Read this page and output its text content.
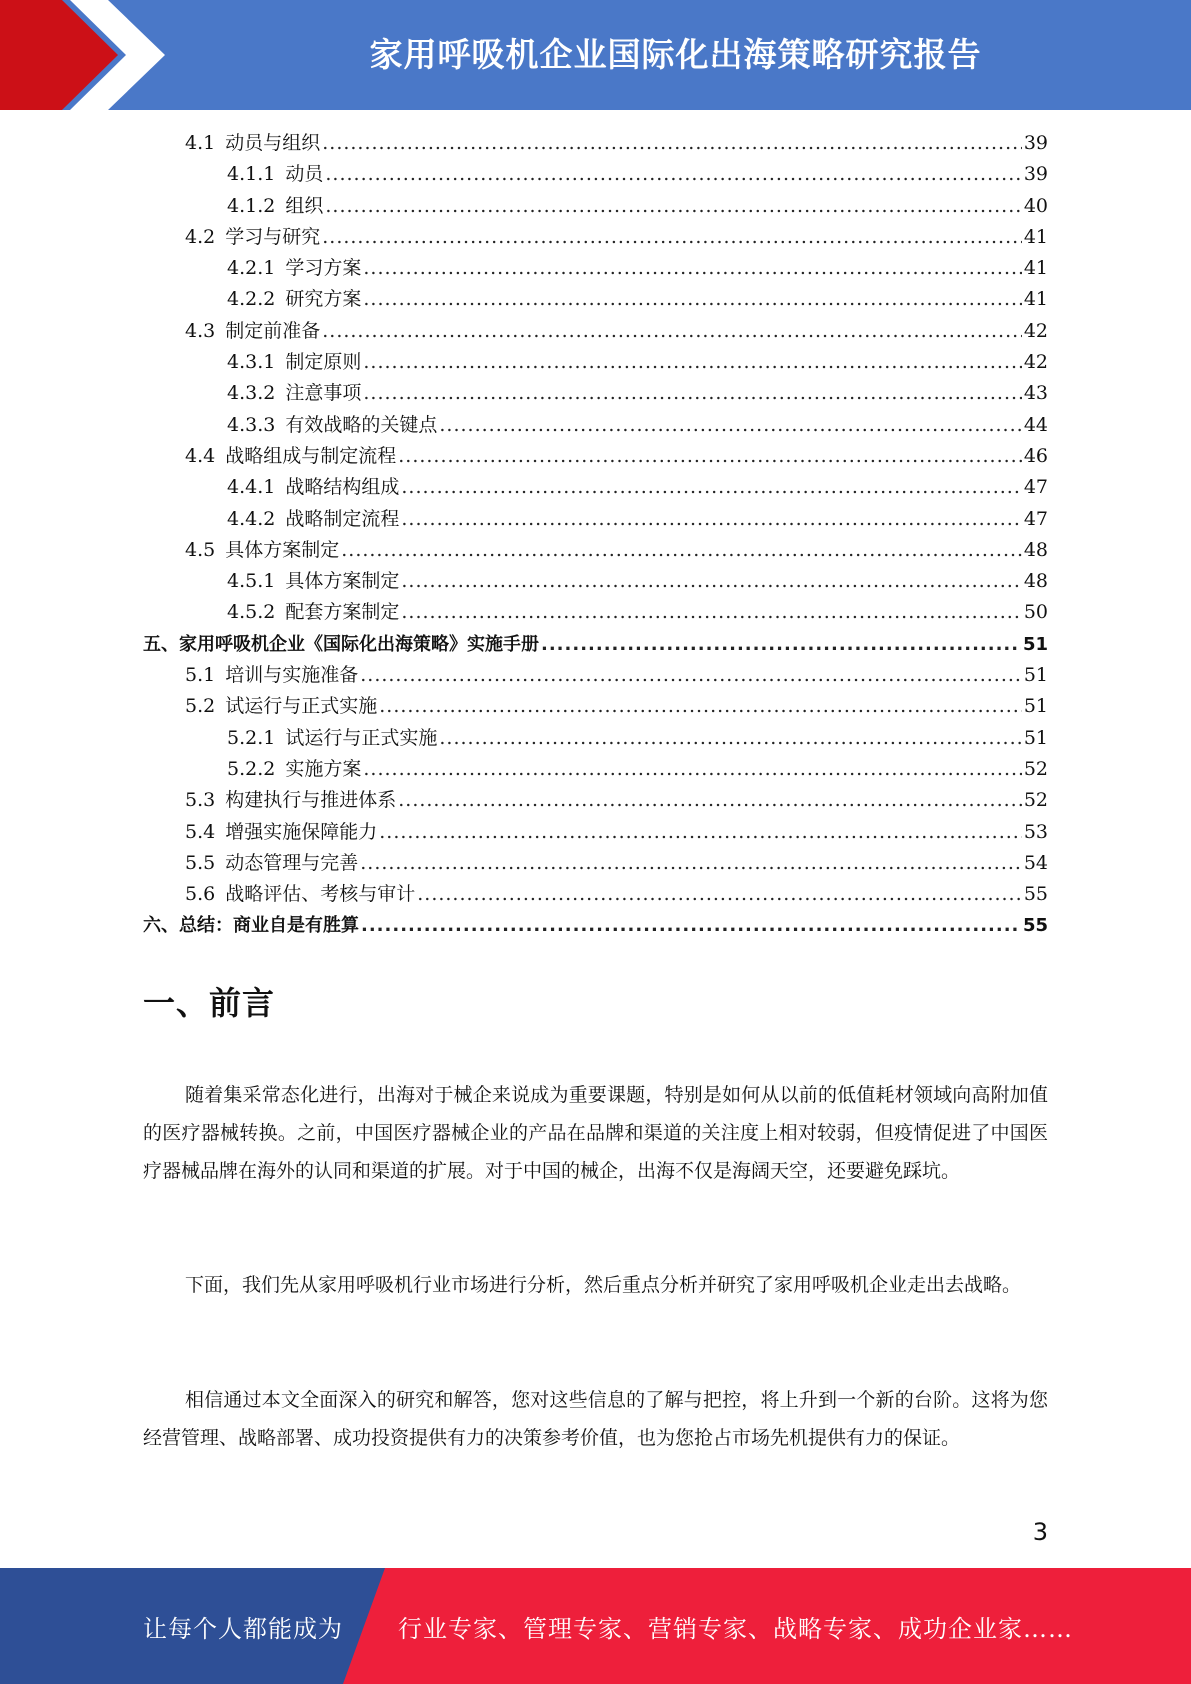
家用呼吸机企业国际化出海策略研究报告
4.1 动员与组织 .....	39
4.1.1 动员 .....	39
4.1.2 组织 .....	40
4.2 学习与研究 .....	41
4.2.1 学习方案 .....	41
4.2.2 研究方案 .....	41
4.3 制定前准备 .....	42
4.3.1 制定原则 .....	42
4.3.2 注意事项 .....	43
4.3.3 有效战略的关键点 .....	44
4.4 战略组成与制定流程 .....	46
4.4.1 战略结构组成 .....	47
4.4.2 战略制定流程 .....	47
4.5 具体方案制定 .....	48
4.5.1 具体方案制定 .....	48
4.5.2 配套方案制定 .....	50
五、家用呼吸机企业《国际化出海策略》实施手册 .....	51
5.1 培训与实施准备 .....	51
5.2 试运行与正式实施 .....	51
5.2.1 试运行与正式实施 .....	51
5.2.2 实施方案 .....	52
5.3 构建执行与推进体系 .....	52
5.4 增强实施保障能力 .....	53
5.5 动态管理与完善 .....	54
5.6 战略评估、考核与审计 .....	55
六、总结：商业自是有胜算 .....	55
一、前言

随着集采常态化进行，出海对于械企来说成为重要课题，特别是如何从以前的低值耗材领域向高附加值的医疗器械转换。之前，中国医疗器械企业的产品在品牌和渠道的关注度上相对较弱，但疫情促进了中国医疗器械品牌在海外的认同和渠道的扩展。对于中国的械企，出海不仅是海阔天空，还要避免踩坑。

下面，我们先从家用呼吸机行业市场进行分析，然后重点分析并研究了家用呼吸机企业走出去战略。

相信通过本文全面深入的研究和解答，您对这些信息的了解与把控，将上升到一个新的台阶。这将为您经营管理、战略部署、成功投资提供有力的决策参考价值，也为您抢占市场先机提供有力的保证。

3
让每个人都能成为 行业专家、管理专家、营销专家、战略专家、成功企业家……
